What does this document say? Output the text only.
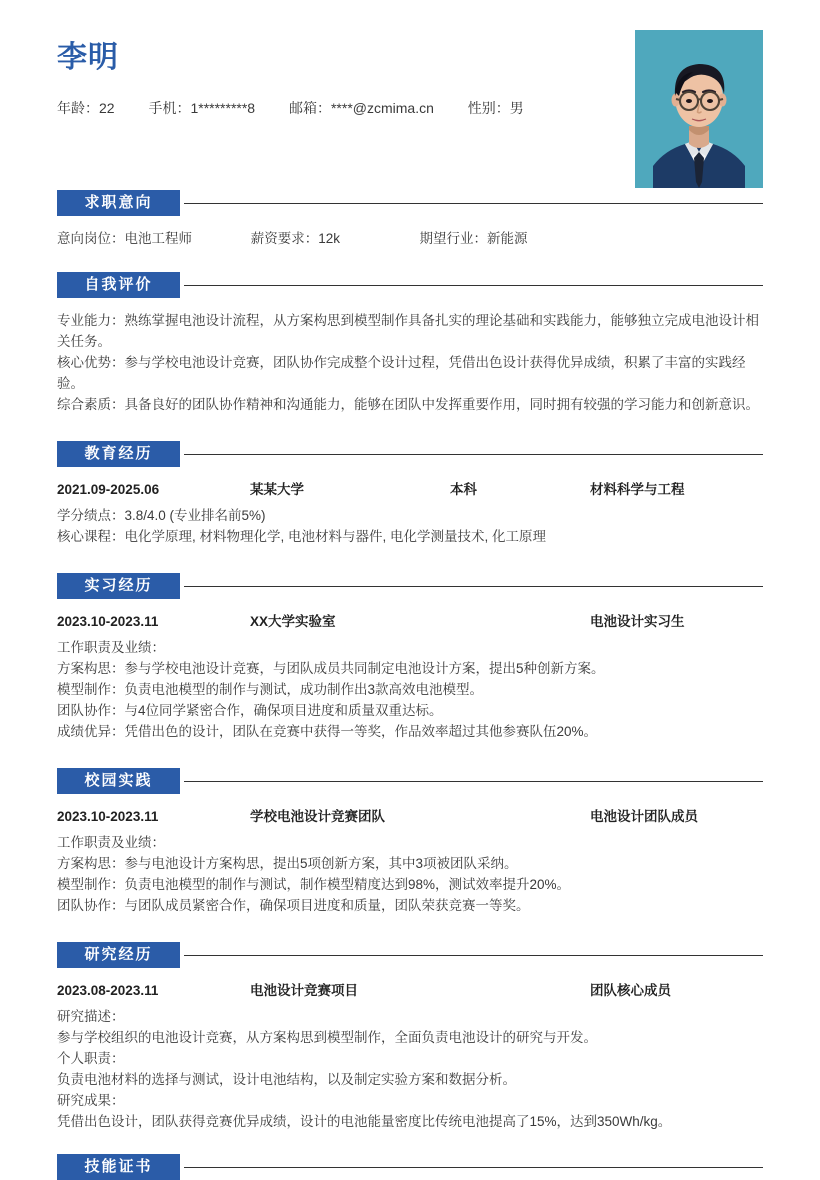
李明
年龄：22 手机：1*********8 邮箱：****@zcmima.cn 性别：男
求职意向
意向岗位：电池工程师	薪资要求：12k	期望行业：新能源
自我评价

专业能力：熟练掌握电池设计流程，从方案构思到模型制作具备扎实的理论基础和实践能力，能够独立完成电池设计相关任务。

核心优势：参与学校电池设计竞赛，团队协作完成整个设计过程，凭借出色设计获得优异成绩，积累了丰富的实践经验。

综合素质：具备良好的团队协作精神和沟通能力，能够在团队中发挥重要作用，同时拥有较强的学习能力和创新意识。

教育经历
2021.09-2025.06	某某大学	本科	材料科学与工程

学分绩点：3.8/4.0 (专业排名前5%)

核心课程：电化学原理, 材料物理化学, 电池材料与器件, 电化学测量技术, 化工原理

实习经历
2023.10-2023.11	XX大学实验室	电池设计实习生

工作职责及业绩：

方案构思：参与学校电池设计竞赛，与团队成员共同制定电池设计方案，提出5种创新方案。

模型制作：负责电池模型的制作与测试，成功制作出3款高效电池模型。

团队协作：与4位同学紧密合作，确保项目进度和质量双重达标。

成绩优异：凭借出色的设计，团队在竞赛中获得一等奖，作品效率超过其他参赛队伍20%。

校园实践
2023.10-2023.11	学校电池设计竞赛团队	电池设计团队成员

工作职责及业绩：

方案构思：参与电池设计方案构思，提出5项创新方案，其中3项被团队采纳。

模型制作：负责电池模型的制作与测试，制作模型精度达到98%，测试效率提升20%。

团队协作：与团队成员紧密合作，确保项目进度和质量，团队荣获竞赛一等奖。

研究经历
2023.08-2023.11	电池设计竞赛项目	团队核心成员

研究描述：

参与学校组织的电池设计竞赛，从方案构思到模型制作，全面负责电池设计的研究与开发。

个人职责：

负责电池材料的选择与测试，设计电池结构，以及制定实验方案和数据分析。

研究成果：

凭借出色设计，团队获得竞赛优异成绩，设计的电池能量密度比传统电池提高了15%，达到350Wh/kg。

技能证书
